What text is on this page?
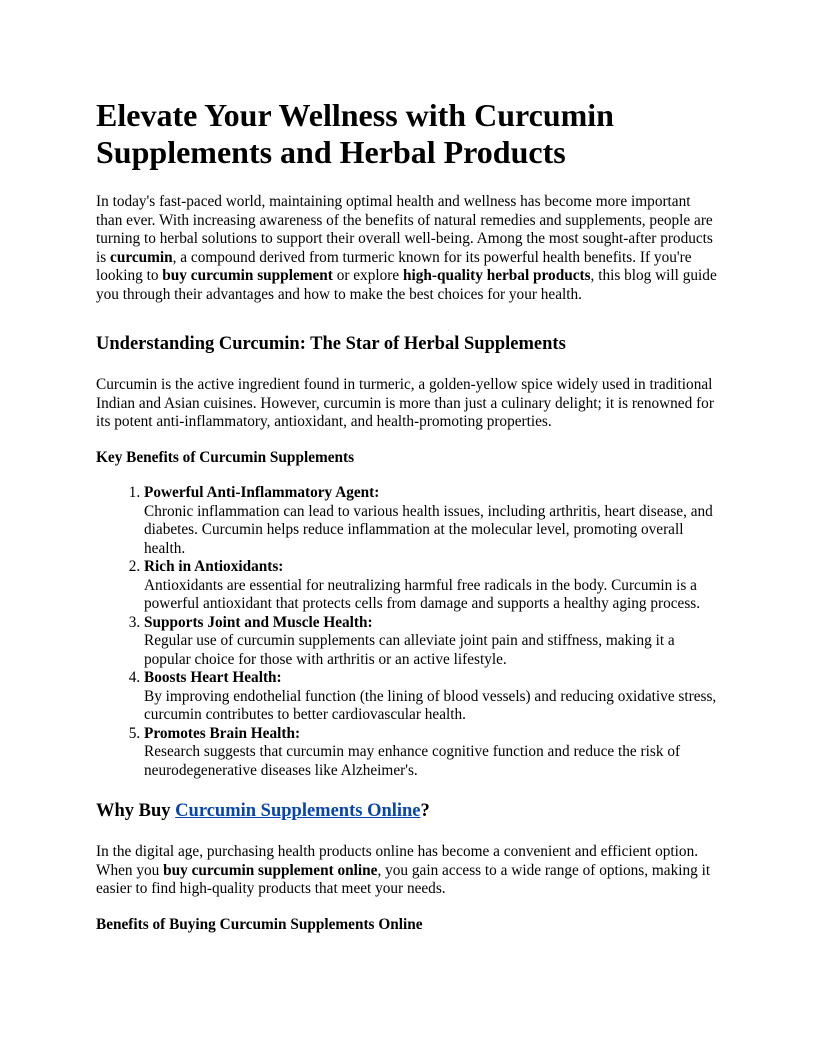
Elevate Your Wellness with Curcumin Supplements and Herbal Products

In today's fast-paced world, maintaining optimal health and wellness has become more important than ever. With increasing awareness of the benefits of natural remedies and supplements, people are turning to herbal solutions to support their overall well-being. Among the most sought-after products is curcumin, a compound derived from turmeric known for its powerful health benefits. If you're looking to buy curcumin supplement or explore high-quality herbal products, this blog will guide you through their advantages and how to make the best choices for your health.

Understanding Curcumin: The Star of Herbal Supplements

Curcumin is the active ingredient found in turmeric, a golden-yellow spice widely used in traditional Indian and Asian cuisines. However, curcumin is more than just a culinary delight; it is renowned for its potent anti-inflammatory, antioxidant, and health-promoting properties.

Key Benefits of Curcumin Supplements
1. Powerful Anti-Inflammatory Agent:
Chronic inflammation can lead to various health issues, including arthritis, heart disease, and diabetes. Curcumin helps reduce inflammation at the molecular level, promoting overall health.
2. Rich in Antioxidants:
Antioxidants are essential for neutralizing harmful free radicals in the body. Curcumin is a powerful antioxidant that protects cells from damage and supports a healthy aging process.
3. Supports Joint and Muscle Health:
Regular use of curcumin supplements can alleviate joint pain and stiffness, making it a popular choice for those with arthritis or an active lifestyle.
4. Boosts Heart Health:
By improving endothelial function (the lining of blood vessels) and reducing oxidative stress, curcumin contributes to better cardiovascular health.
5. Promotes Brain Health:
Research suggests that curcumin may enhance cognitive function and reduce the risk of neurodegenerative diseases like Alzheimer's.
Why Buy Curcumin Supplements Online?

In the digital age, purchasing health products online has become a convenient and efficient option. When you buy curcumin supplement online, you gain access to a wide range of options, making it easier to find high-quality products that meet your needs.

Benefits of Buying Curcumin Supplements Online
